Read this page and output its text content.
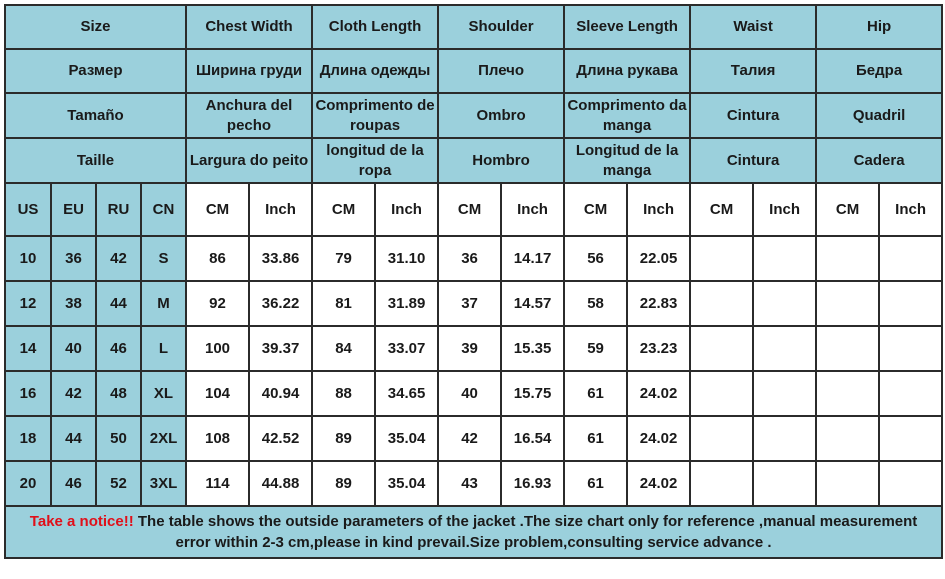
Size				Chest Width		Cloth Length		Shoulder		Sleeve Length		Waist		Hip	
Размер				Ширина груди		Длина одежды		Плечо		Длина рукава		Талия		Бедра	
Tamaño				Anchura del pecho		Comprimento de roupas		Ombro		Comprimento da manga		Cintura		Quadril	
Taille				Largura do peito		longitud de la ropa		Hombro		Longitud de la manga		Cintura		Cadera	
US	EU	RU	CN	CM	Inch	CM	Inch	CM	Inch	CM	Inch	CM	Inch	CM	Inch
10	36	42	S	86	33.86	79	31.10	36	14.17	56	22.05				
12	38	44	M	92	36.22	81	31.89	37	14.57	58	22.83				
14	40	46	L	100	39.37	84	33.07	39	15.35	59	23.23				
16	42	48	XL	104	40.94	88	34.65	40	15.75	61	24.02				
18	44	50	2XL	108	42.52	89	35.04	42	16.54	61	24.02				
20	46	52	3XL	114	44.88	89	35.04	43	16.93	61	24.02				
Take a notice!! The table shows the outside parameters of the jacket .The size chart only for reference ,manual measurement error within 2-3 cm,please in kind prevail.Size problem,consulting service advance .															
